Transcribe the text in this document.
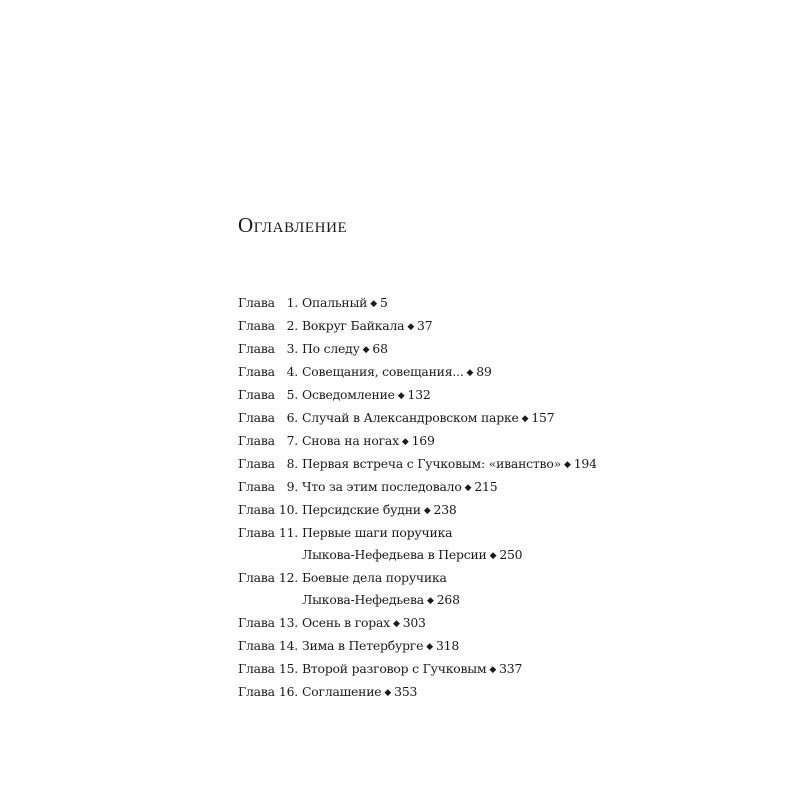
Оглавление
Глава 1. Опальный ◆ 5
Глава 2. Вокруг Байкала ◆ 37
Глава 3. По следу ◆ 68
Глава 4. Совещания, совещания... ◆ 89
Глава 5. Осведомление ◆ 132
Глава 6. Случай в Александровском парке ◆ 157
Глава 7. Снова на ногах ◆ 169
Глава 8. Первая встреча с Гучковым: «иванство» ◆ 194
Глава 9. Что за этим последовало ◆ 215
Глава 10. Персидские будни ◆ 238
Глава 11. Первые шаги поручика
Лыкова-Нефедьева в Персии ◆ 250
Глава 12. Боевые дела поручика
Лыкова-Нефедьева ◆ 268
Глава 13. Осень в горах ◆ 303
Глава 14. Зима в Петербурге ◆ 318
Глава 15. Второй разговор с Гучковым ◆ 337
Глава 16. Соглашение ◆ 353
